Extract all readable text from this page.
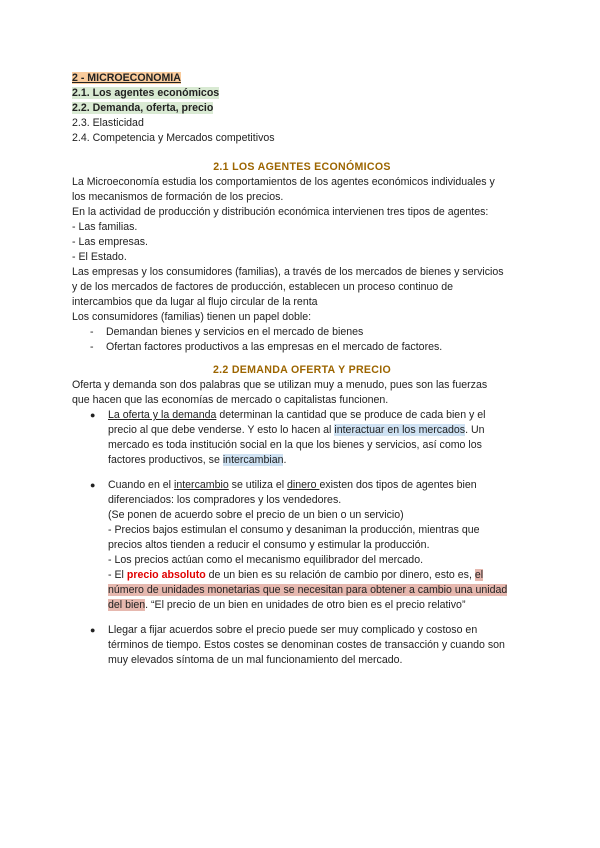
2 - MICROECONOMIA
2.1. Los agentes económicos
2.2. Demanda, oferta, precio
2.3. Elasticidad
2.4. Competencia y Mercados competitivos
2.1 LOS AGENTES ECONÓMICOS

La Microeconomía estudia los comportamientos de los agentes económicos individuales y

los mecanismos de formación de los precios.

En la actividad de producción y distribución económica intervienen tres tipos de agentes:

- Las familias.

- Las empresas.

- El Estado.

Las empresas y los consumidores (familias), a través de los mercados de bienes y servicios

y de los mercados de factores de producción, establecen un proceso continuo de

intercambios que da lugar al flujo circular de la renta

Los consumidores (familias) tienen un papel doble:

- Demandan bienes y servicios en el mercado de bienes
- Ofertan factores productivos a las empresas en el mercado de factores.
2.2 DEMANDA OFERTA Y PRECIO

Oferta y demanda son dos palabras que se utilizan muy a menudo, pues son las fuerzas

que hacen que las economías de mercado o capitalistas funcionen.

● La oferta y la demanda determinan la cantidad que se produce de cada bien y el
precio al que debe venderse. Y esto lo hacen al interactuar en los mercados. Un
mercado es toda institución social en la que los bienes y servicios, así como los
factores productivos, se intercambian.
● Cuando en el intercambio se utiliza el dinero existen dos tipos de agentes bien
diferenciados: los compradores y los vendedores.
(Se ponen de acuerdo sobre el precio de un bien o un servicio)
- Precios bajos estimulan el consumo y desaniman la producción, mientras que
precios altos tienden a reducir el consumo y estimular la producción.
- Los precios actúan como el mecanismo equilibrador del mercado.
- El precio absoluto de un bien es su relación de cambio por dinero, esto es, el
número de unidades monetarias que se necesitan para obtener a cambio una unidad
del bien. “El precio de un bien en unidades de otro bien es el precio relativo”
● Llegar a fijar acuerdos sobre el precio puede ser muy complicado y costoso en
términos de tiempo. Estos costes se denominan costes de transacción y cuando son
muy elevados síntoma de un mal funcionamiento del mercado.
